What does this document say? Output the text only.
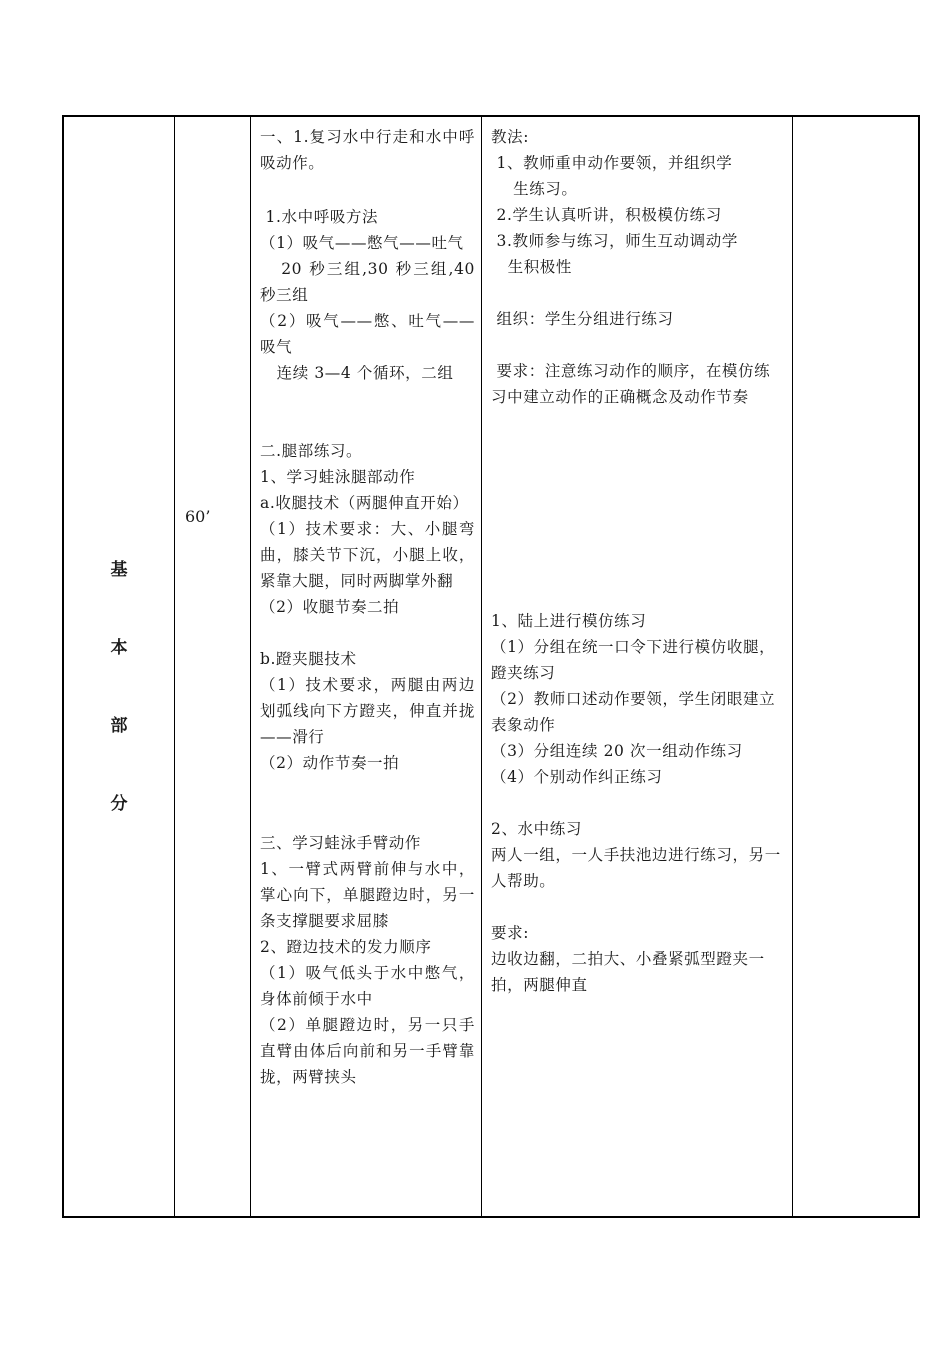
基
本
部
分
60’

一、1.复习水中行走和水中呼吸动作。

1.水中呼吸方法

（1）吸气——憋气——吐气

20 秒三组,30 秒三组,40 秒三组

（2）吸气——憋、吐气——吸气

连续 3—4 个循环，二组

二.腿部练习。

1、学习蛙泳腿部动作

a.收腿技术（两腿伸直开始）

（1）技术要求：大、小腿弯曲，膝关节下沉，小腿上收，紧靠大腿，同时两脚掌外翻

（2）收腿节奏二拍

b.蹬夹腿技术

（1）技术要求，两腿由两边划弧线向下方蹬夹，伸直并拢——滑行

（2）动作节奏一拍

三、学习蛙泳手臂动作

1、一臂式两臂前伸与水中，掌心向下，单腿蹬边时，另一条支撑腿要求屈膝

2、蹬边技术的发力顺序

（1）吸气低头于水中憋气，身体前倾于水中

（2）单腿蹬边时，另一只手直臂由体后向前和另一手臂靠拢，两臂挟头

教法:

1、教师重申动作要领，并组织学

生练习。

2.学生认真听讲，积极模仿练习

3.教师参与练习，师生互动调动学

生积极性

组织：学生分组进行练习

要求：注意练习动作的顺序，在模仿练习中建立动作的正确概念及动作节奏

1、陆上进行模仿练习

（1）分组在统一口令下进行模仿收腿，蹬夹练习

（2）教师口述动作要领，学生闭眼建立表象动作

（3）分组连续 20 次一组动作练习

（4）个别动作纠正练习

2、水中练习

两人一组，一人手扶池边进行练习，另一人帮助。

要求:

边收边翻，二拍大、小叠紧弧型蹬夹一拍，两腿伸直
